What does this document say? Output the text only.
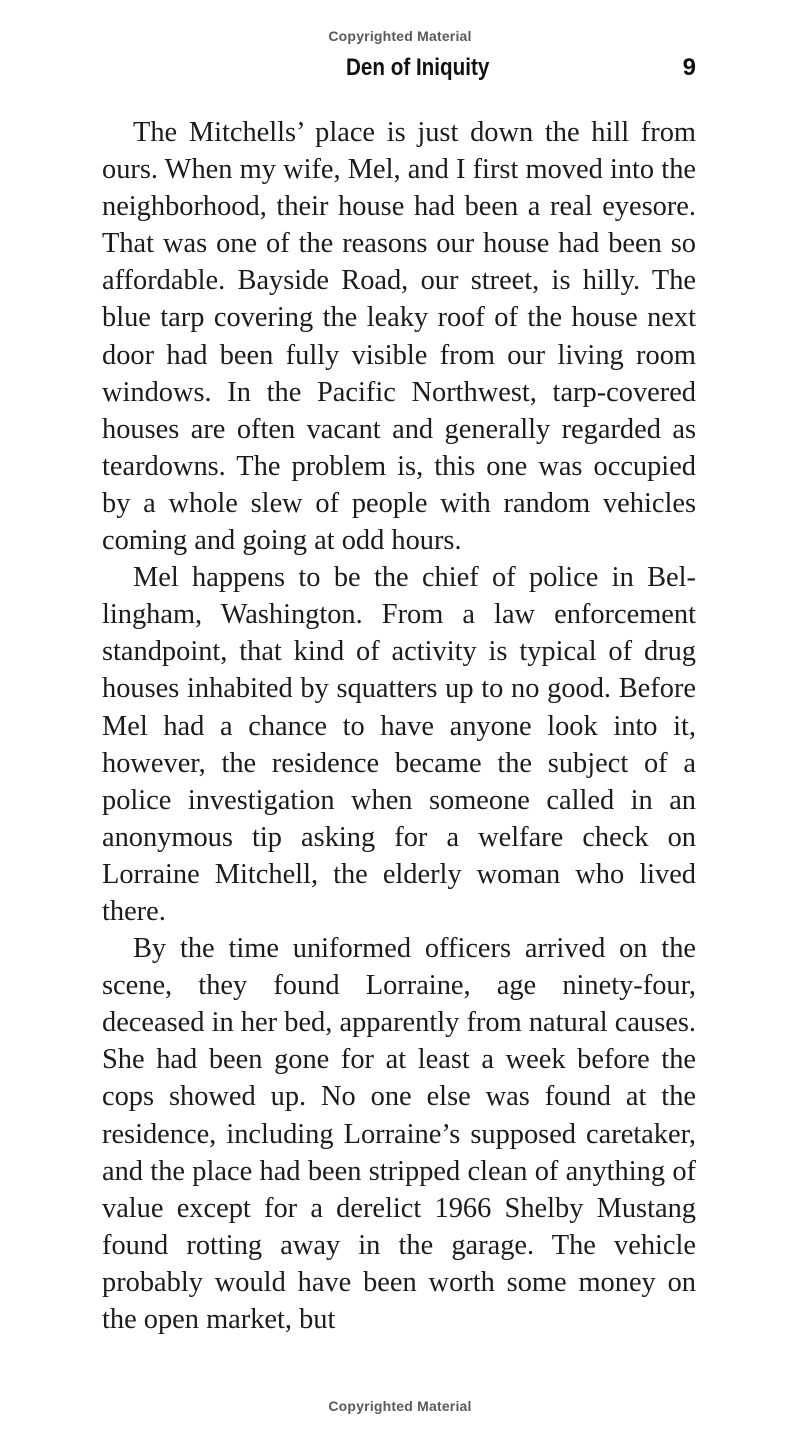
Copyrighted Material
Den of Iniquity	9

The Mitchells’ place is just down the hill from ours. When my wife, Mel, and I first moved into the neighborhood, their house had been a real eyesore. That was one of the reasons our house had been so affordable. Bayside Road, our street, is hilly. The blue tarp covering the leaky roof of the house next door had been fully visible from our living room windows. In the Pacific Northwest, tarp-covered houses are often vacant and generally regarded as teardowns. The problem is, this one was occupied by a whole slew of people with random vehicles coming and going at odd hours.

Mel happens to be the chief of police in Bellingham, Washington. From a law enforcement standpoint, that kind of activity is typical of drug houses inhabited by squatters up to no good. Before Mel had a chance to have anyone look into it, however, the residence became the subject of a police investigation when someone called in an anonymous tip asking for a welfare check on Lorraine Mitchell, the elderly woman who lived there.

By the time uniformed officers arrived on the scene, they found Lorraine, age ninety-four, deceased in her bed, apparently from natural causes. She had been gone for at least a week before the cops showed up. No one else was found at the residence, including Lorraine’s supposed caretaker, and the place had been stripped clean of anything of value except for a derelict 1966 Shelby Mustang found rotting away in the garage. The vehicle probably would have been worth some money on the open market, but

Copyrighted Material
